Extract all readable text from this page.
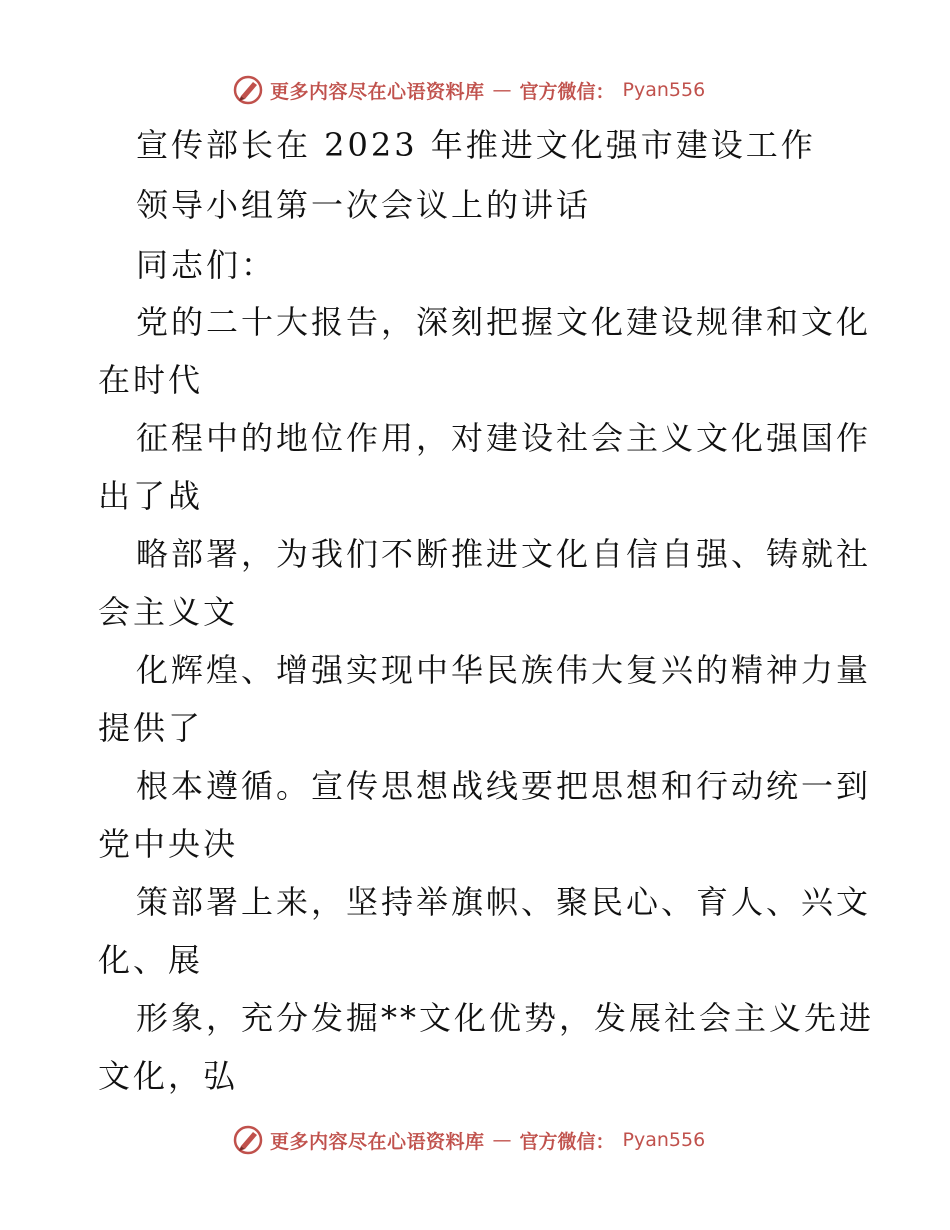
更多内容尽在心语资料库 — 官方微信： Pyan556
宣传部长在 2023 年推进文化强市建设工作
领导小组第一次会议上的讲话
同志们：
党的二十大报告，深刻把握文化建设规律和文化
在时代
征程中的地位作用，对建设社会主义文化强国作
出了战
略部署，为我们不断推进文化自信自强、铸就社
会主义文
化辉煌、增强实现中华民族伟大复兴的精神力量
提供了
根本遵循。宣传思想战线要把思想和行动统一到
党中央决
策部署上来，坚持举旗帜、聚民心、育人、兴文
化、展
形象，充分发掘**文化优势，发展社会主义先进
文化，弘
更多内容尽在心语资料库 — 官方微信： Pyan556
